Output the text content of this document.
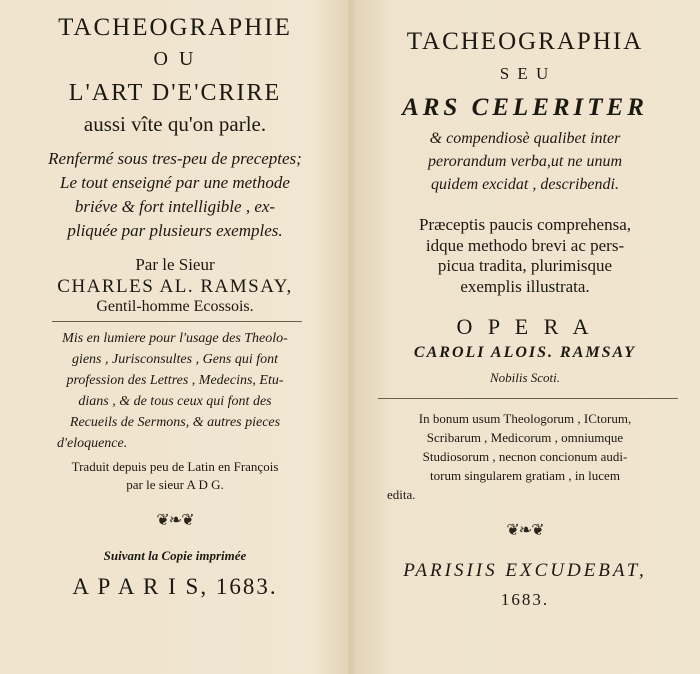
TACHEOGRAPHIE
O U
L'ART D'E'CRIRE
aussi vîte qu'on parle.
Renfermé sous tres-peu de preceptes;
Le tout enseigné par une methode
briéve & fort intelligible , ex-
pliquée par plusieurs exemples.
Par le Sieur
CHARLES AL. RAMSAY,
Gentil-homme Ecossois.
Mis en lumiere pour l'usage des Theolo-
giens , Jurisconsultes , Gens qui font
profession des Lettres , Medecins, Etu-
dians , & de tous ceux qui font des
Recueils de Sermons, & autres pieces
d'eloquence.
Traduit depuis peu de Latin en François
par le sieur A D G.
❦❧❦
Suivant la Copie imprimée
A P A R I S, 1683.
TACHEOGRAPHIA
S E U
ARS CELERITER
& compendiosè qualibet inter
perorandum verba,ut ne unum
quidem excidat , describendi.
Præceptis paucis comprehensa,
idque methodo brevi ac pers-
picua tradita, plurimisque
exemplis illustrata.
O P E R A
CAROLI ALOIS. RAMSAY
Nobilis Scoti.
In bonum usum Theologorum , ICtorum,
Scribarum , Medicorum , omniumque
Studiosorum , necnon concionum audi-
torum singularem gratiam , in lucem
edita.
❦❧❦
PARISIIS EXCUDEBAT,
1683.
